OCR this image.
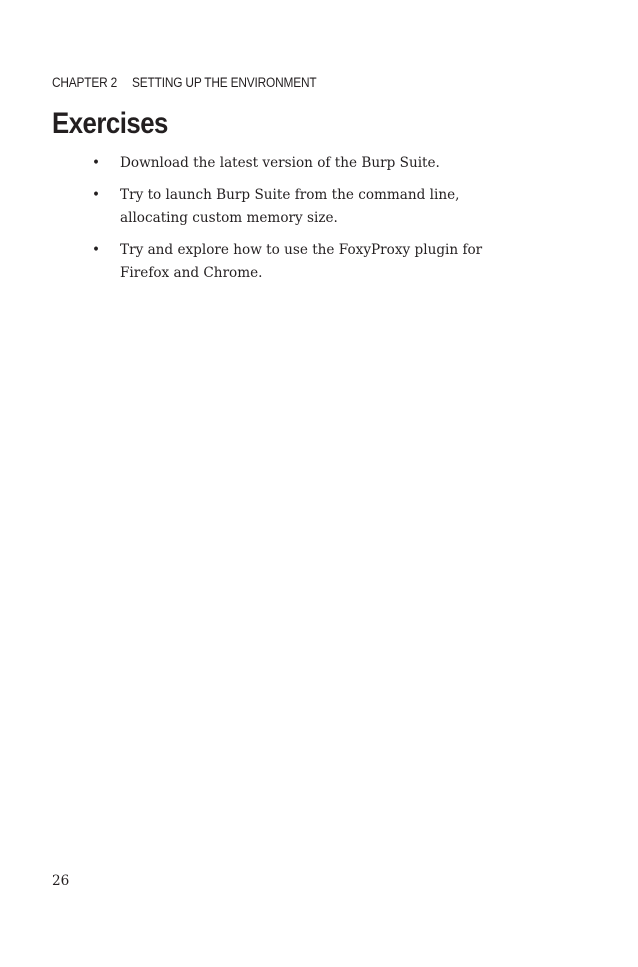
CHAPTER 2 SETTING UP THE ENVIRONMENT
Exercises
• Download the latest version of the Burp Suite.
• Try to launch Burp Suite from the command line, allocating custom memory size.
• Try and explore how to use the FoxyProxy plugin for Firefox and Chrome.
26
